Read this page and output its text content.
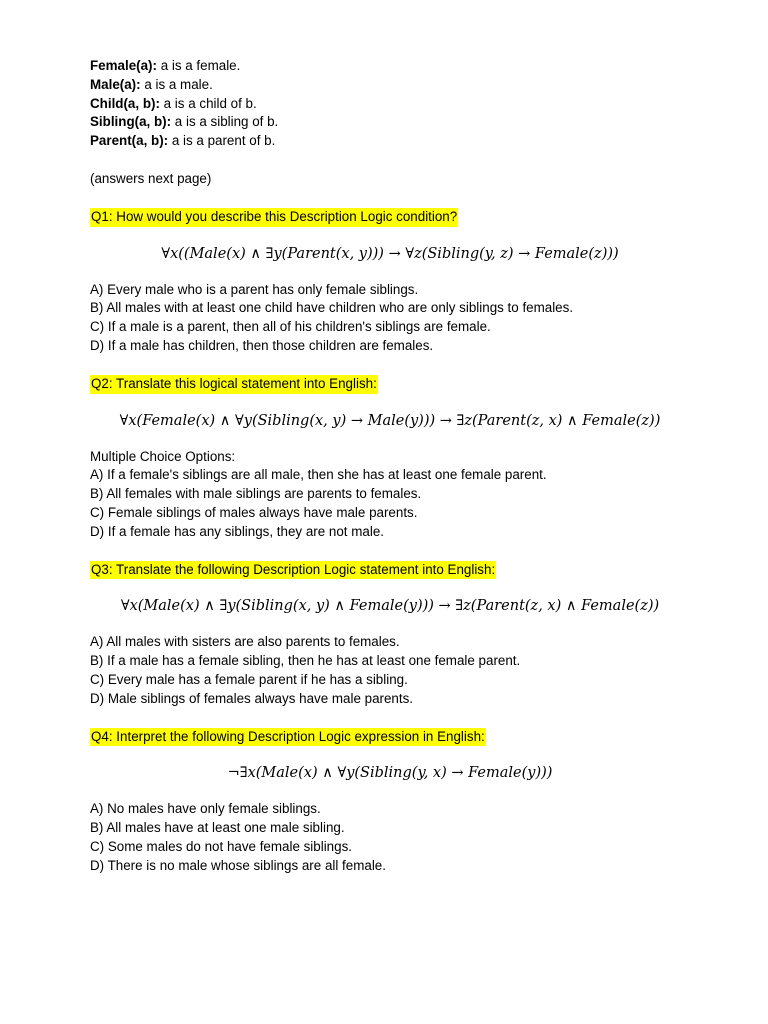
Female(a): a is a female.
Male(a): a is a male.
Child(a, b): a is a child of b.
Sibling(a, b): a is a sibling of b.
Parent(a, b): a is a parent of b.
(answers next page)
Q1: How would you describe this Description Logic condition?
∀x((Male(x) ∧ ∃y(Parent(x, y))) → ∀z(Sibling(y, z) → Female(z)))
A) Every male who is a parent has only female siblings.
B) All males with at least one child have children who are only siblings to females.
C) If a male is a parent, then all of his children's siblings are female.
D) If a male has children, then those children are females.
Q2: Translate this logical statement into English:
∀x(Female(x) ∧ ∀y(Sibling(x, y) → Male(y))) → ∃z(Parent(z, x) ∧ Female(z))
Multiple Choice Options:
A) If a female's siblings are all male, then she has at least one female parent.
B) All females with male siblings are parents to females.
C) Female siblings of males always have male parents.
D) If a female has any siblings, they are not male.
Q3: Translate the following Description Logic statement into English:
∀x(Male(x) ∧ ∃y(Sibling(x, y) ∧ Female(y))) → ∃z(Parent(z, x) ∧ Female(z))
A) All males with sisters are also parents to females.
B) If a male has a female sibling, then he has at least one female parent.
C) Every male has a female parent if he has a sibling.
D) Male siblings of females always have male parents.
Q4: Interpret the following Description Logic expression in English:
¬∃x(Male(x) ∧ ∀y(Sibling(y, x) → Female(y)))
A) No males have only female siblings.
B) All males have at least one male sibling.
C) Some males do not have female siblings.
D) There is no male whose siblings are all female.
